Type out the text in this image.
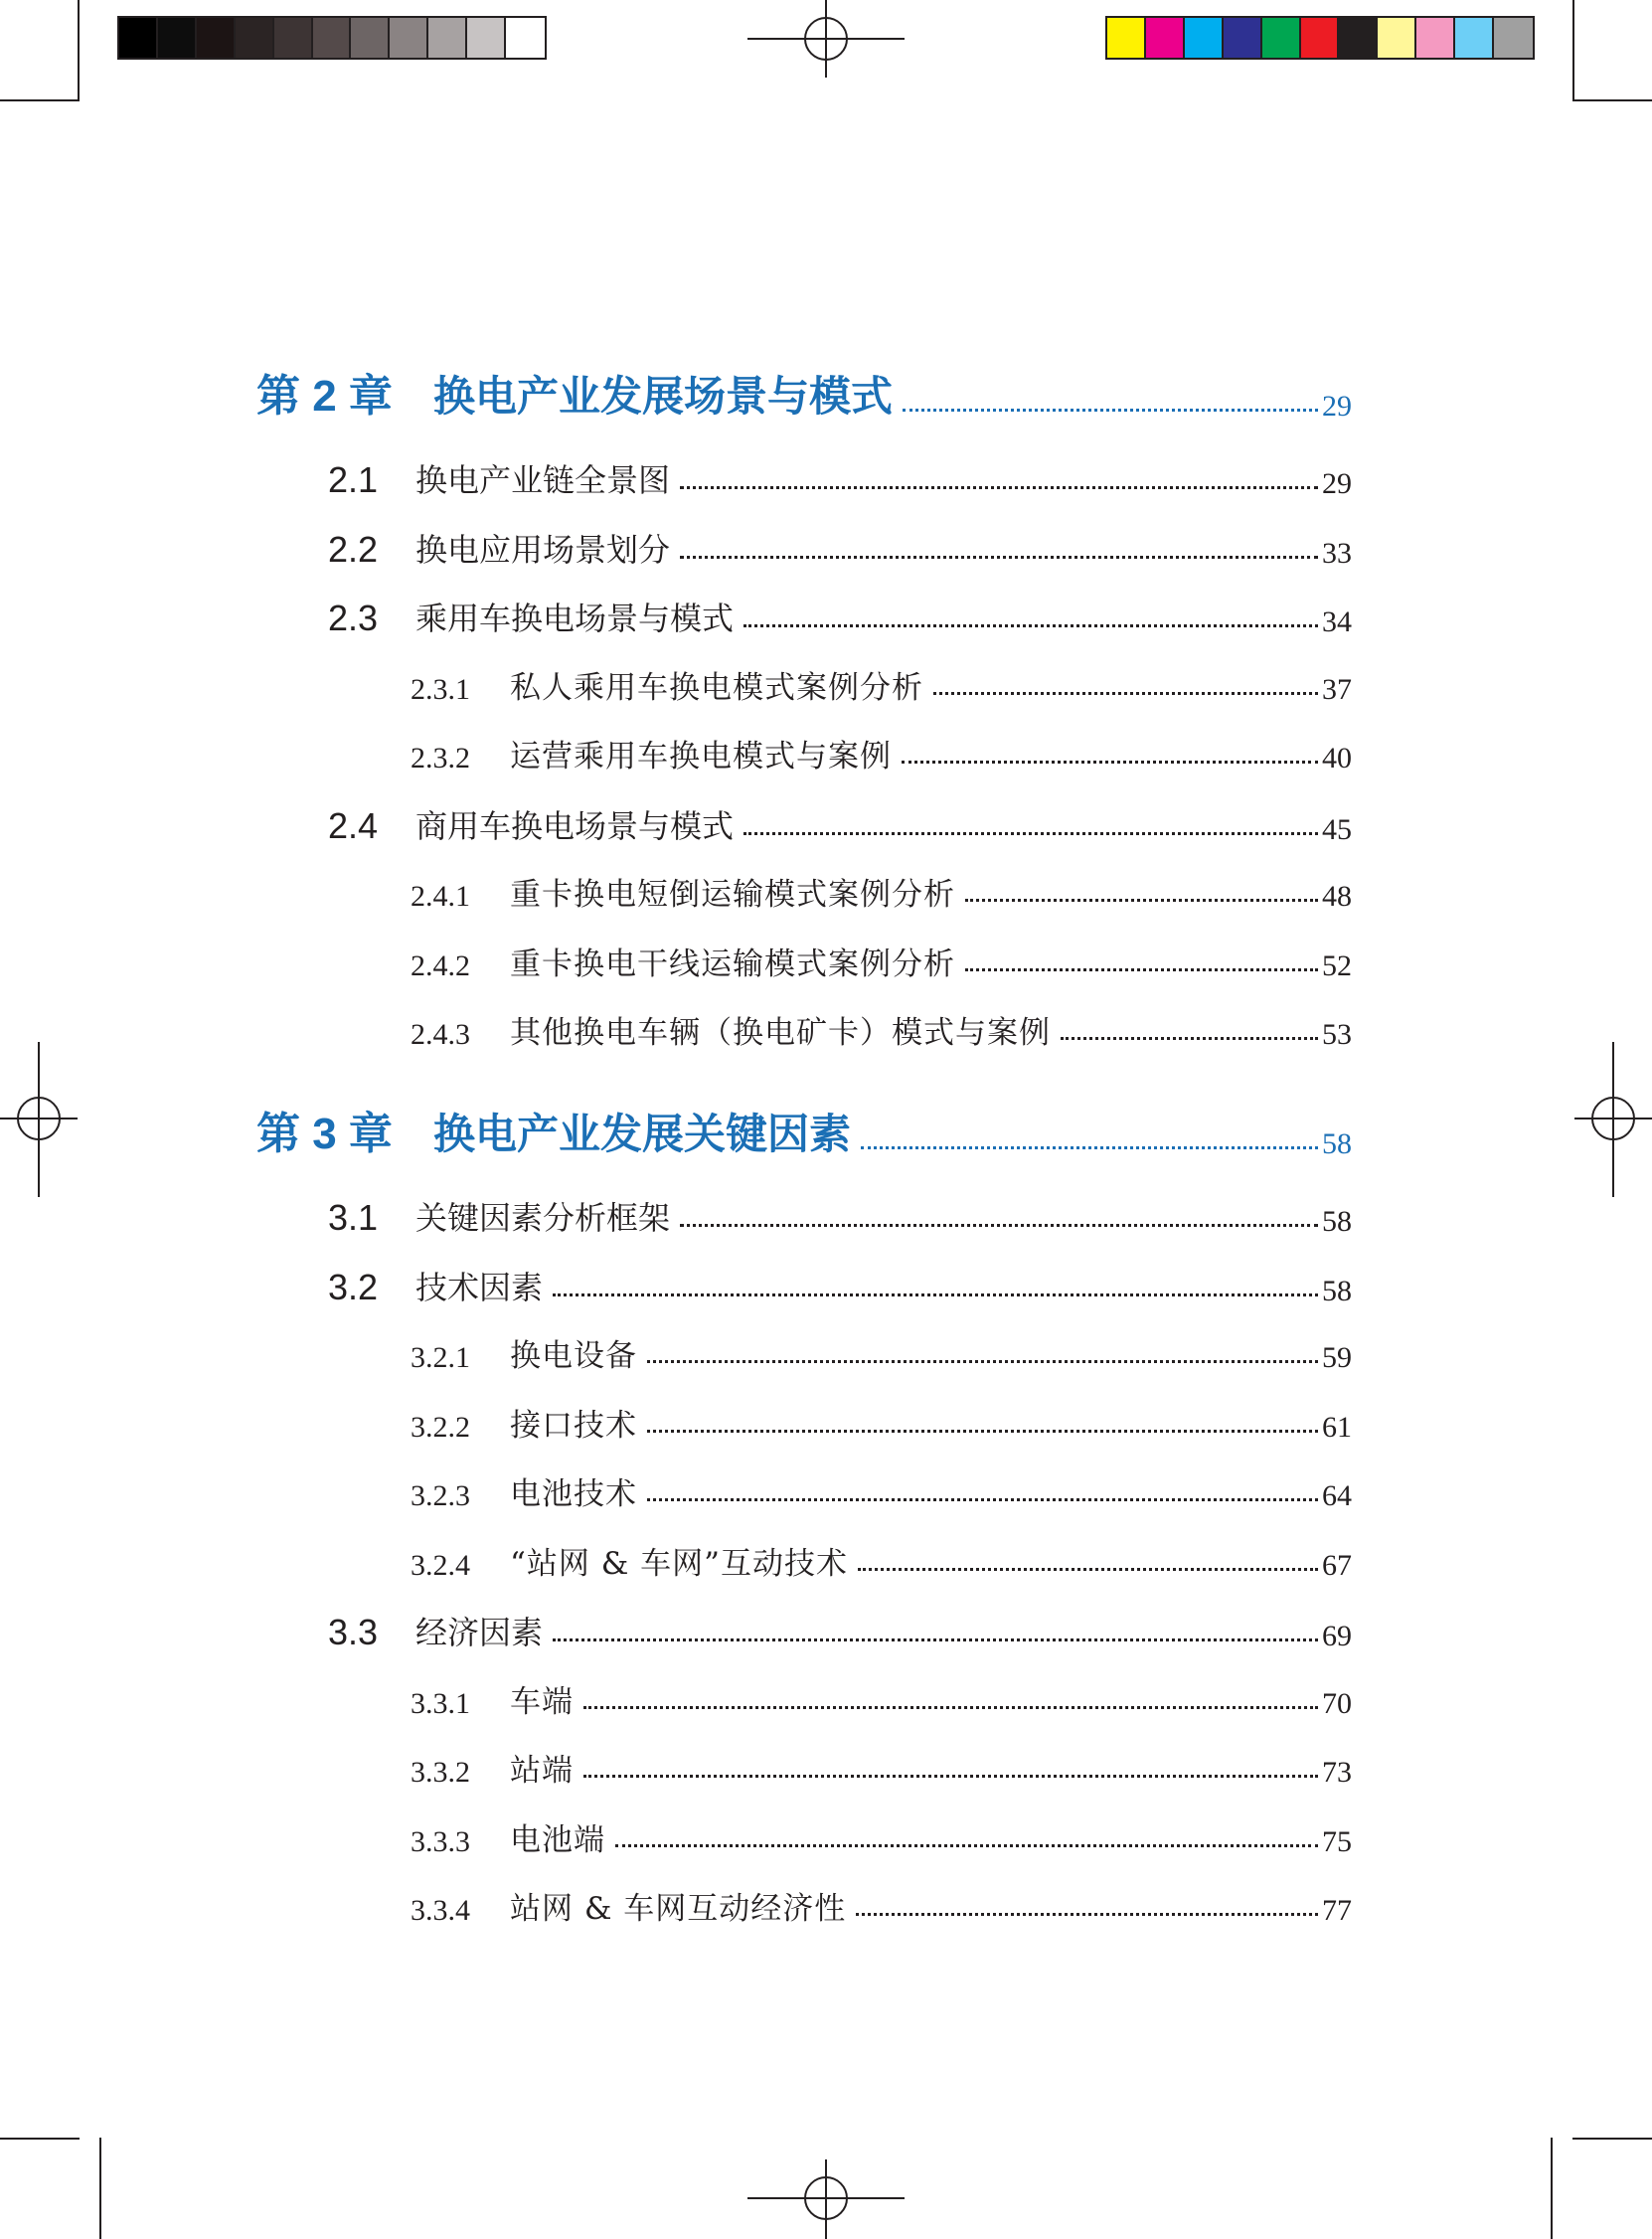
第 2 章 换电产业发展场景与模式	29
2.1	换电产业链全景图	29
2.2	换电应用场景划分	33
2.3	乘用车换电场景与模式	34
2.3.1	私人乘用车换电模式案例分析	37
2.3.2	运营乘用车换电模式与案例	40
2.4	商用车换电场景与模式	45
2.4.1	重卡换电短倒运输模式案例分析	48
2.4.2	重卡换电干线运输模式案例分析	52
2.4.3	其他换电车辆（换电矿卡）模式与案例	53
第 3 章 换电产业发展关键因素	58
3.1	关键因素分析框架	58
3.2	技术因素	58
3.2.1	换电设备	59
3.2.2	接口技术	61
3.2.3	电池技术	64
3.2.4	“站网 & 车网”互动技术	67
3.3	经济因素	69
3.3.1	车端	70
3.3.2	站端	73
3.3.3	电池端	75
3.3.4	站网 & 车网互动经济性	77
